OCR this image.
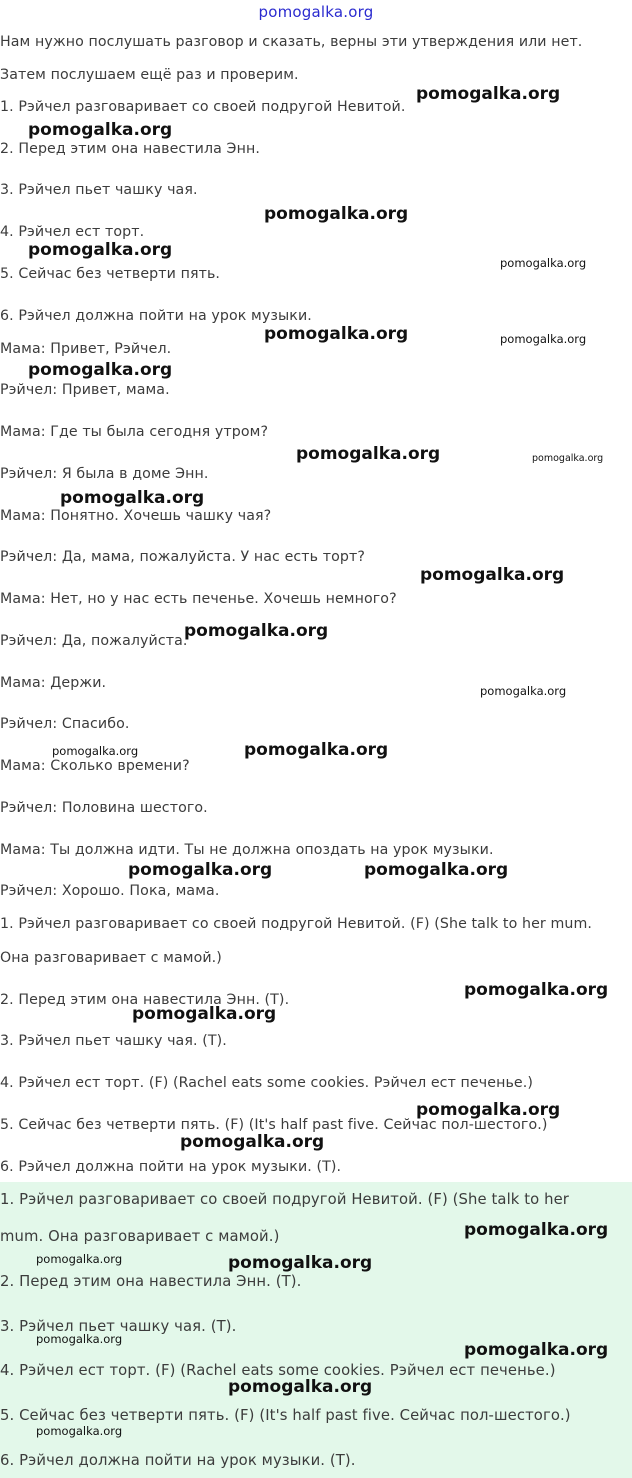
pomogalka.org

Нам нужно послушать разговор и сказать, верны эти утверждения или нет.

Затем послушаем ещё раз и проверим.

1. Рэйчел разговаривает со своей подругой Невитой.

2. Перед этим она навестила Энн.

3. Рэйчел пьет чашку чая.

4. Рэйчел ест торт.

5. Сейчас без четверти пять.

6. Рэйчел должна пойти на урок музыки.

Мама: Привет, Рэйчел.

Рэйчел: Привет, мама.

Мама: Где ты была сегодня утром?

Рэйчел: Я была в доме Энн.

Мама: Понятно. Хочешь чашку чая?

Рэйчел: Да, мама, пожалуйста. У нас есть торт?

Мама: Нет, но у нас есть печенье. Хочешь немного?

Рэйчел: Да, пожалуйста.

Мама: Держи.

Рэйчел: Спасибо.

Мама: Сколько времени?

Рэйчел: Половина шестого.

Мама: Ты должна идти. Ты не должна опоздать на урок музыки.

Рэйчел: Хорошо. Пока, мама.

1. Рэйчел разговаривает со своей подругой Невитой. (F) (She talk to her mum.

Она разговаривает с мамой.)

2. Перед этим она навестила Энн. (T).

3. Рэйчел пьет чашку чая. (T).

4. Рэйчел ест торт. (F) (Rachel eats some cookies. Рэйчел ест печенье.)

5. Сейчас без четверти пять. (F) (It's half past five. Сейчас пол-шестого.)

6. Рэйчел должна пойти на урок музыки. (T).

1. Рэйчел разговаривает со своей подругой Невитой. (F) (She talk to her

mum. Она разговаривает с мамой.)

2. Перед этим она навестила Энн. (T).

3. Рэйчел пьет чашку чая. (T).

4. Рэйчел ест торт. (F) (Rachel eats some cookies. Рэйчел ест печенье.)

5. Сейчас без четверти пять. (F) (It's half past five. Сейчас пол-шестого.)

6. Рэйчел должна пойти на урок музыки. (T).

pomogalka.org
pomogalka.org
pomogalka.org
pomogalka.org
pomogalka.org
pomogalka.org	pomogalka.org
pomogalka.org
pomogalka.org	pomogalka.org
pomogalka.org
pomogalka.org
pomogalka.org
pomogalka.org
pomogalka.org	pomogalka.org
pomogalka.org	pomogalka.org
pomogalka.org
pomogalka.org
pomogalka.org
pomogalka.org
pomogalka.org
pomogalka.org	pomogalka.org
pomogalka.org
pomogalka.org
pomogalka.org
pomogalka.org
